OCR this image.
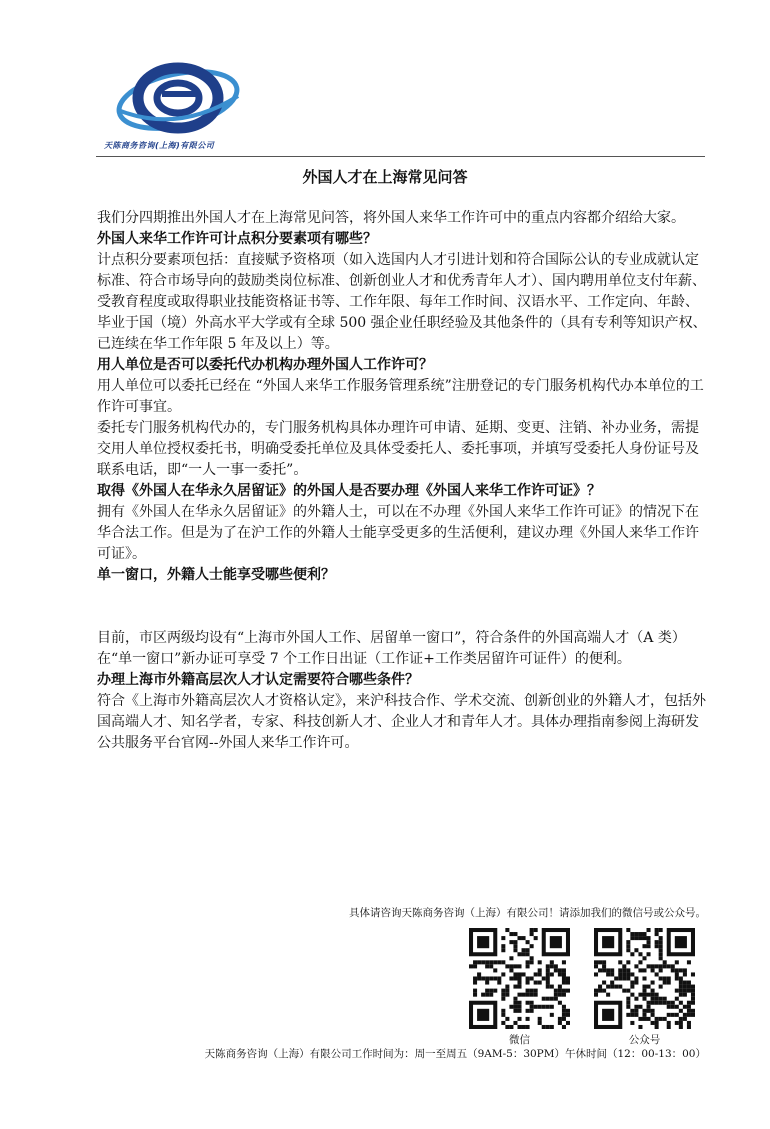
天陈商务咨询(上海)有限公司
外国人才在上海常见问答

我们分四期推出外国人才在上海常见问答，将外国人来华工作许可中的重点内容都介绍给大家。

外国人来华工作许可计点积分要素项有哪些？

计点积分要素项包括：直接赋予资格项（如入选国内人才引进计划和符合国际公认的专业成就认定标准、符合市场导向的鼓励类岗位标准、创新创业人才和优秀青年人才）、国内聘用单位支付年薪、受教育程度或取得职业技能资格证书等、工作年限、每年工作时间、汉语水平、工作定向、年龄、毕业于国（境）外高水平大学或有全球 500 强企业任职经验及其他条件的（具有专利等知识产权、已连续在华工作年限 5 年及以上）等。

用人单位是否可以委托代办机构办理外国人工作许可？

用人单位可以委托已经在 “外国人来华工作服务管理系统”注册登记的专门服务机构代办本单位的工作许可事宜。

委托专门服务机构代办的，专门服务机构具体办理许可申请、延期、变更、注销、补办业务，需提交用人单位授权委托书，明确受委托单位及具体受委托人、委托事项，并填写受委托人身份证号及联系电话，即“一人一事一委托”。

取得《外国人在华永久居留证》的外国人是否要办理《外国人来华工作许可证》？

拥有《外国人在华永久居留证》的外籍人士，可以在不办理《外国人来华工作许可证》的情况下在华合法工作。但是为了在沪工作的外籍人士能享受更多的生活便利，建议办理《外国人来华工作许可证》。

单一窗口，外籍人士能享受哪些便利？

目前，市区两级均设有“上海市外国人工作、居留单一窗口”，符合条件的外国高端人才（A 类）在“单一窗口”新办证可享受 7 个工作日出证（工作证+工作类居留许可证件）的便利。

办理上海市外籍高层次人才认定需要符合哪些条件？

符合《上海市外籍高层次人才资格认定》，来沪科技合作、学术交流、创新创业的外籍人才，包括外国高端人才、知名学者，专家、科技创新人才、企业人才和青年人才。具体办理指南参阅上海研发公共服务平台官网--外国人来华工作许可。

具体请咨询天陈商务咨询（上海）有限公司！请添加我们的微信号或公众号。
微信	公众号
天陈商务咨询（上海）有限公司工作时间为：周一至周五（9AM-5：30PM）午休时间（12：00-13：00）
